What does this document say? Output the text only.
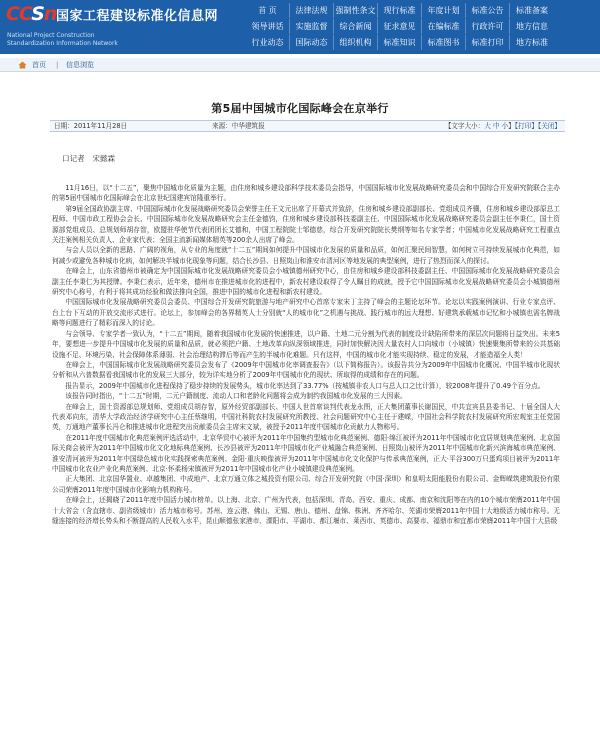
CCSn 国家工程建设标准化信息网
National Project Construction
Standardization Information Network
首 页	法律法规	强制性条文	现行标准	年度计划	标准公告	标准备案
领导讲话	实施监督	综合新闻	征求意见	在编标准	行政许可	地方信息
行业动态	国际动态	组织机构	标准知识	标准图书	标准打印	地方标准
首页 | 信息浏览
第5届中国城市化国际峰会在京举行
日期：2011年11月28日	来源：中华建筑报	【文字大小：大 中 小】【打印】【关闭】
口记者　宋懿霖

11月16日，以“十二五”，聚焦中国城市化质量为主题，由住房和城乡建设部科学技术委员会指导，中国国际城市化发展战略研究委员会和中国综合开发研究院联合主办的第5届中国城市化国际峰会在北京世纪国建宾馆隆重举行。

第9届全国政协副主席、中国国际城市化发展战略研究委员会荣誉主任王文元出席了开幕式并致辞，住房和城乡建设部副部长、党组成员齐骥，住房和城乡建设部原总工程师、中国市政工程协会会长、中国国际城市化发展战略研究会主任金德钧，住房和城乡建设部科技委副主任、中国国际城市化发展战略研究委员会副主任李秉仁，国土资源部党组成员、总规划师胡存智，欧盟驻华使节代表团团长艾德和，中国工程院院士邹德慈，综合开发研究院院长樊纲等知名专家学者；中国城市化发展战略研究工程重点关注案例相关负责人、企业家代表；全国主流新闻媒体精英等200余人出席了峰会。

与会人员以全新的思路、广阔的视角，从专业的角度就“十二五”期间如何提升中国城市化发展的质量和品质，如何汇聚民间智慧，如何树立可持续发展城市化典范，如何减少或避免各种城市化病，如何解决半城市化现象等问题，结合长沙县、日照岚山和淮安市清河区等地发展的典型案例，进行了热烈而深入的探讨。

在峰会上，山东省德州市被确定为中国国际城市化发展战略研究委员会小城镇德州研究中心，由住房和城乡建设部科技委副主任、中国国际城市化发展战略研究委员会副主任李秉仁为其授牌。李秉仁表示，近年来，德州市在推进城市化的进程中，新农村建设取得了令人瞩目的成就，授予它中国国际城市化发展战略研究委员会小城镇德州研究中心称号，有利于将其成功经验和做法推向全国，推进中国的城市化进程和新农村建设。

中国国际城市化发展战略研究委员会委员、中国综合开发研究院旅游与地产研究中心首席专家宋丁主持了峰会的主题论坛环节。论坛以实践案例演讲、行业专家点评、台上台下互动的开放交流形式进行。论坛上，参加峰会的各界精英人士分别就“人的城市化”之机遇与挑战、践行城市的远大理想、好建筑承载城市记忆和小城镇也需名牌战略等问题进行了精彩而深入的讨论。

与会领导、专家学者一致认为，“十二五”期间，随着我国城市化发展的快速推进，以户籍、土地二元分割为代表的制度设计缺陷所带来的深层次问题将日益突出。未来5年，要想进一步提升中国城市化发展的质量和品质，就必须把户籍、土地改革向纵深领域推进，同时加快解决因大量农村人口向城市（小城镇）快速聚集所带来的公共基础设施不足、环境污染、社会保障体系薄弱、社会治理结构滞后等而产生的半城市化难题。只有这样，中国的城市化才能实现持续、稳定的发展，才能造福全人类！

在峰会上，中国国际城市化发展战略研究委员会发布了《2009年中国城市化率调查报告》（以下简称报告）。该报告共分为2009年中国城市化概况、中国半城市化现状分析和从六普数据看我国城市化的发展三大部分，较为详实地分析了2009年中国城市化的现状、所取得的成绩和存在的问题。

报告显示，2009年中国城市化进程保持了稳步持续的发展势头，城市化率达到了33.77%（按城镇非农人口与总人口之比计算），较2008年提升了0.49个百分点。

该报告同时指出，“十二五”时期，二元户籍制度、流动人口和老龄化问题将会成为制约我国城市化发展的三大因素。

在峰会上，国土资源部总规划师、党组成员胡存智，原外经贸部副部长、中国人世首席谈判代表龙永图，正大集团董事长谢国民，中共宜宾县县委书记、十届全国人大代表邓向东，清华大学政治经济学研究中心主任蔡继明，中国社科院农村发展研究所教授、社会问题研究中心主任于建嵘，中国社会科学院农村发展研究所宏观室主任党国英，万通地产董事长冯仑和推进城市化进程突出贡献委员会主席宋文斌，被授予2011年度中国城市化贡献力人物称号。

在2011年度中国城市化典范案例评选活动中，北京华贸中心被评为2011年中国集约型城市化典范案例、德阳·绵江被评为2011年中国城市化宜居规划典范案例、北京国际关商会被评为2011年中国城市化文化地标典范案例、长沙县被评为2011年中国城市化产业城融合典范案例、日照岚山被评为2011年中国城市化新兴滨海城市典范案例、淮安清河被评为2011年中国绿色城市化实践探索典范案例、金阳·重庆映像被评为2011年中国城市化文化保护与传承典范案例，正大·平谷300万只蛋鸡项目被评为2011年中国城市化农业产业化典范案例、北京·怀柔杨宋镇被评为2011年中国城市化产业小城镇建设典范案例。

正大集团、北京国华置业、卓越集团、中成地产、北京万通立体之城投资有限公司、综合开发研究院（中国·深圳）和皇明太阳能股份有限公司、金辉嵘筑建筑股份有限公司荣膺2011年度中国城市化影响力机构称号。

在峰会上，还揭晓了2011年度中国活力城市榜单。以上海、北京、广州为代表，包括深圳、青岛、西安、重庆、成都、南京和沈阳等在内的10个城市荣膺2011年中国十大省会（含直辖市、副省级城市）活力城市称号。苏州、连云港、佛山、无锡、唐山、德州、盘锦、株洲、齐齐哈尔、芜湖市荣膺2011年中国十大地级活力城市称号。无缝连接的经济增长势头和不断提高的人民收入水平，昆山顺德张家港市、溧阳市、平湖市、都江堰市、莱西市、英德市、高要市、福鼎市和宜都市荣膺2011年中国十大县级
